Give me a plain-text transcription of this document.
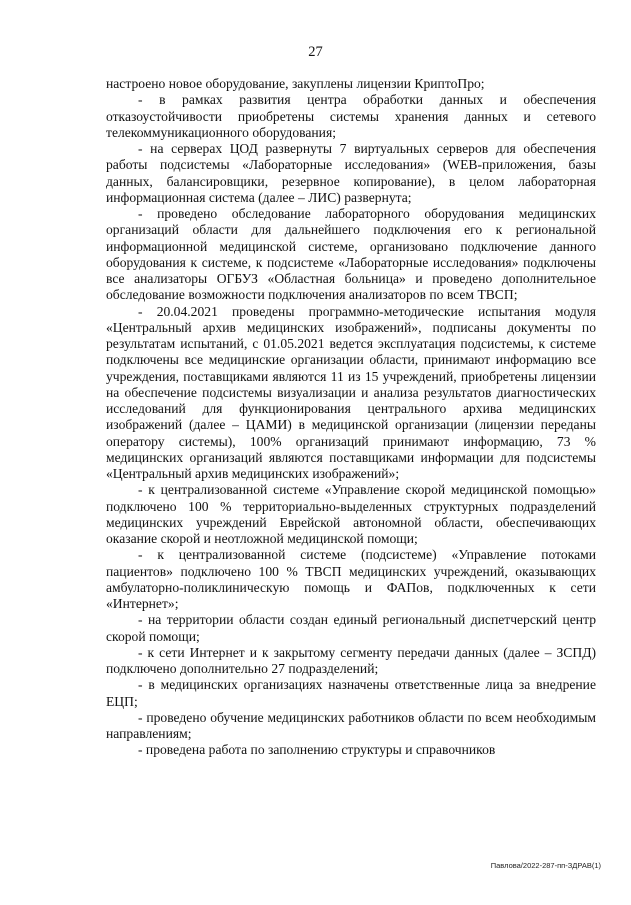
27

настроено новое оборудование, закуплены лицензии КриптоПро;

- в рамках развития центра обработки данных и обеспечения отказоустойчивости приобретены системы хранения данных и сетевого телекоммуникационного оборудования;

- на серверах ЦОД развернуты 7 виртуальных серверов для обеспечения работы подсистемы «Лабораторные исследования» (WEB-приложения, базы данных, балансировщики, резервное копирование), в целом лабораторная информационная система (далее – ЛИС) развернута;

- проведено обследование лабораторного оборудования медицинских организаций области для дальнейшего подключения его к региональной информационной медицинской системе, организовано подключение данного оборудования к системе, к подсистеме «Лабораторные исследования» подключены все анализаторы ОГБУЗ «Областная больница» и проведено дополнительное обследование возможности подключения анализаторов по всем ТВСП;

- 20.04.2021 проведены программно-методические испытания модуля «Центральный архив медицинских изображений», подписаны документы по результатам испытаний, с 01.05.2021 ведется эксплуатация подсистемы, к системе подключены все медицинские организации области, принимают информацию все учреждения, поставщиками являются 11 из 15 учреждений, приобретены лицензии на обеспечение подсистемы визуализации и анализа результатов диагностических исследований для функционирования центрального архива медицинских изображений (далее – ЦАМИ) в медицинской организации (лицензии переданы оператору системы), 100% организаций принимают информацию, 73 % медицинских организаций являются поставщиками информации для подсистемы «Центральный архив медицинских изображений»;

- к централизованной системе «Управление скорой медицинской помощью» подключено 100 % территориально-выделенных структурных подразделений медицинских учреждений Еврейской автономной области, обеспечивающих оказание скорой и неотложной медицинской помощи;

- к централизованной системе (подсистеме) «Управление потоками пациентов» подключено 100 % ТВСП медицинских учреждений, оказывающих амбулаторно-поликлиническую помощь и ФАПов, подключенных к сети «Интернет»;

- на территории области создан единый региональный диспетчерский центр скорой помощи;

- к сети Интернет и к закрытому сегменту передачи данных (далее – ЗСПД) подключено дополнительно 27 подразделений;

- в медицинских организациях назначены ответственные лица за внедрение ЕЦП;

- проведено обучение медицинских работников области по всем необходимым направлениям;

- проведена работа по заполнению структуры и справочников

Павлова/2022-287-пп-ЗДРАВ(1)
